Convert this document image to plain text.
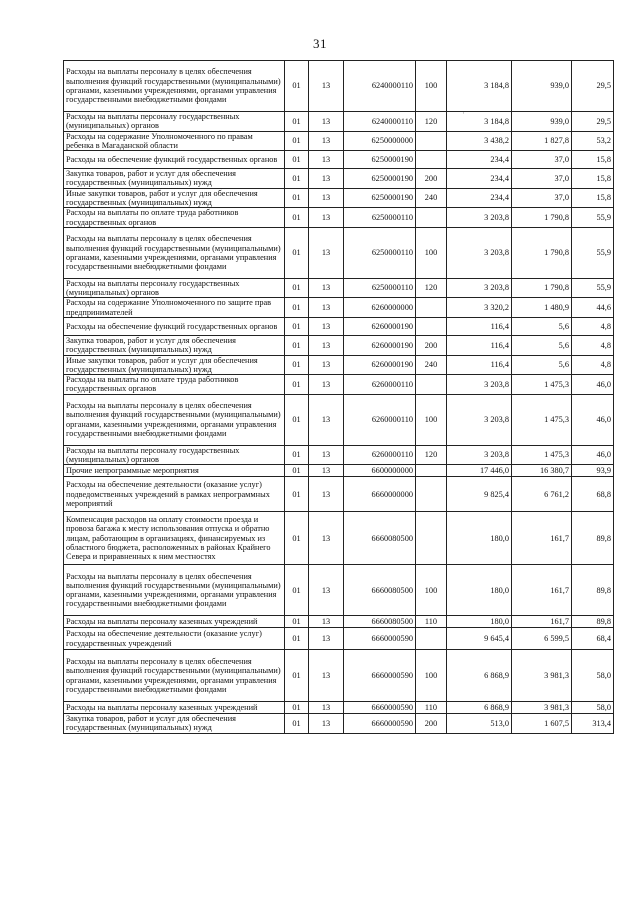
31
Расходы на выплаты персоналу в целях обеспечения выполнения функций государственными (муниципальными) органами, казенными учреждениями, органами управления государственными внебюджетными фондами	01	13	6240000110	100	3 184,8	939,0	29,5
Расходы на выплаты персоналу государственных (муниципальных) органов	01	13	6240000110	120	3 184,8	939,0	29,5
Расходы на содержание Уполномоченного по правам ребенка в Магаданской области	01	13	6250000000		3 438,2	1 827,8	53,2
Расходы на обеспечение функций государственных органов	01	13	6250000190		234,4	37,0	15,8
Закупка товаров, работ и услуг для обеспечения государственных (муниципальных) нужд	01	13	6250000190	200	234,4	37,0	15,8
Иные закупки товаров, работ и услуг для обеспечения государственных (муниципальных) нужд	01	13	6250000190	240	234,4	37,0	15,8
Расходы на выплаты по оплате труда работников государственных органов	01	13	6250000110		3 203,8	1 790,8	55,9
Расходы на выплаты персоналу в целях обеспечения выполнения функций государственными (муниципальными) органами, казенными учреждениями, органами управления государственными внебюджетными фондами	01	13	6250000110	100	3 203,8	1 790,8	55,9
Расходы на выплаты персоналу государственных (муниципальных) органов	01	13	6250000110	120	3 203,8	1 790,8	55,9
Расходы на содержание Уполномоченного по защите прав предпринимателей	01	13	6260000000		3 320,2	1 480,9	44,6
Расходы на обеспечение функций государственных органов	01	13	6260000190		116,4	5,6	4,8
Закупка товаров, работ и услуг для обеспечения государственных (муниципальных) нужд	01	13	6260000190	200	116,4	5,6	4,8
Иные закупки товаров, работ и услуг для обеспечения государственных (муниципальных) нужд	01	13	6260000190	240	116,4	5,6	4,8
Расходы на выплаты по оплате труда работников государственных органов	01	13	6260000110		3 203,8	1 475,3	46,0
Расходы на выплаты персоналу в целях обеспечения выполнения функций государственными (муниципальными) органами, казенными учреждениями, органами управления государственными внебюджетными фондами	01	13	6260000110	100	3 203,8	1 475,3	46,0
Расходы на выплаты персоналу государственных (муниципальных) органов	01	13	6260000110	120	3 203,8	1 475,3	46,0
Прочие непрограммные мероприятия	01	13	6600000000		17 446,0	16 380,7	93,9
Расходы на обеспечение деятельности (оказание услуг) подведомственных учреждений в рамках непрограммных мероприятий	01	13	6660000000		9 825,4	6 761,2	68,8
Компенсация расходов на оплату стоимости проезда и провоза багажа к месту использования отпуска и обратно лицам, работающим в организациях, финансируемых из областного бюджета, расположенных в районах Крайнего Севера и приравненных к ним местностях	01	13	6660080500		180,0	161,7	89,8
Расходы на выплаты персоналу в целях обеспечения выполнения функций государственными (муниципальными) органами, казенными учреждениями, органами управления государственными внебюджетными фондами	01	13	6660080500	100	180,0	161,7	89,8
Расходы на выплаты персоналу казенных учреждений	01	13	6660080500	110	180,0	161,7	89,8
Расходы на обеспечение деятельности (оказание услуг) государственных учреждений	01	13	6660000590		9 645,4	6 599,5	68,4
Расходы на выплаты персоналу в целях обеспечения выполнения функций государственными (муниципальными) органами, казенными учреждениями, органами управления государственными внебюджетными фондами	01	13	6660000590	100	6 868,9	3 981,3	58,0
Расходы на выплаты персоналу казенных учреждений	01	13	6660000590	110	6 868,9	3 981,3	58,0
Закупка товаров, работ и услуг для обеспечения государственных (муниципальных) нужд	01	13	6660000590	200	513,0	1 607,5	313,4
·
